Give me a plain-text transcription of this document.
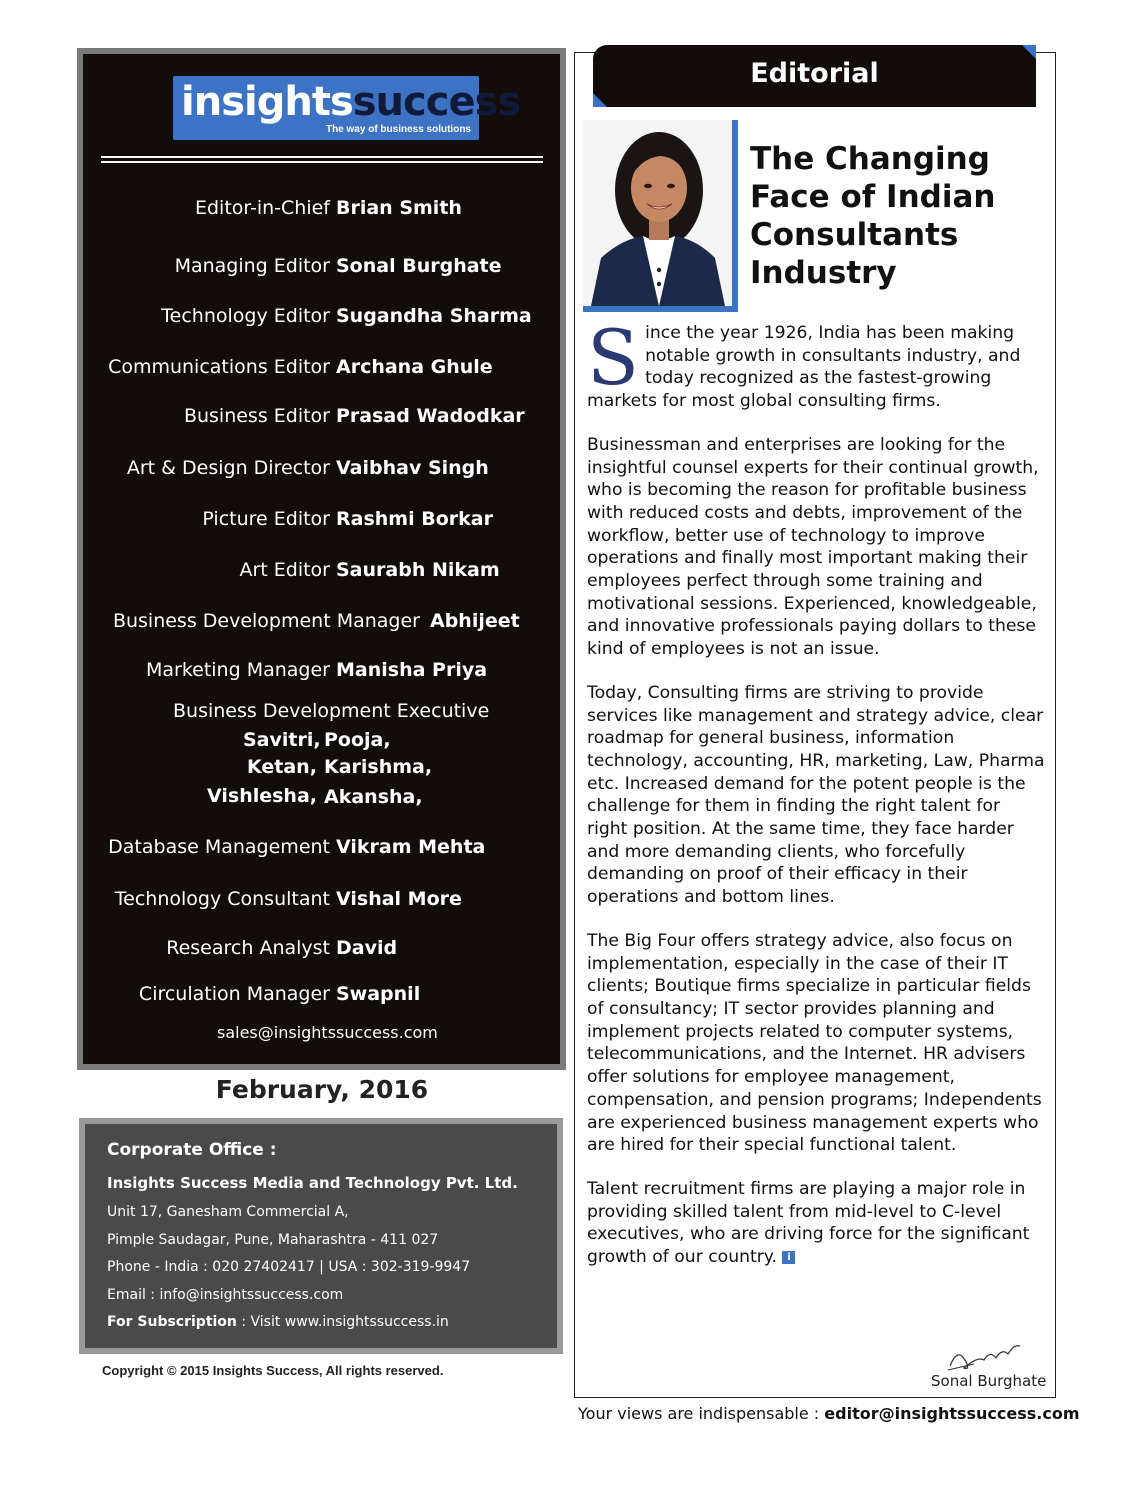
insightssuccess
The way of business solutions
Editor-in-Chief Brian Smith
Managing Editor Sonal Burghate
Technology Editor Sugandha Sharma
Communications Editor Archana Ghule
Business Editor Prasad Wadodkar
Art & Design Director Vaibhav Singh
Picture Editor Rashmi Borkar
Art Editor Saurabh Nikam
Business Development Manager Abhijeet
Marketing Manager Manisha Priya
Business Development Executive
Savitri, Pooja,
Ketan, Karishma,
Vishlesha, Akansha,
Database Management Vikram Mehta
Technology Consultant Vishal More
Research Analyst David
Circulation Manager Swapnil
sales@insightssuccess.com
February, 2016
Corporate Office :
Insights Success Media and Technology Pvt. Ltd.
Unit 17, Ganesham Commercial A,
Pimple Saudagar, Pune, Maharashtra - 411 027
Phone - India : 020 27402417 | USA : 302-319-9947
Email : info@insightssuccess.com
For Subscription : Visit www.insightssuccess.in
Copyright © 2015 Insights Success, All rights reserved.
Editorial
The Changing Face of Indian Consultants Industry

Since the year 1926, India has been making notable growth in consultants industry, and today recognized as the fastest-growing markets for most global consulting firms.

Businessman and enterprises are looking for the insightful counsel experts for their continual growth, who is becoming the reason for profitable business with reduced costs and debts, improvement of the workflow, better use of technology to improve operations and finally most important making their employees perfect through some training and motivational sessions. Experienced, knowledgeable, and innovative professionals paying dollars to these kind of employees is not an issue.

Today, Consulting firms are striving to provide services like management and strategy advice, clear roadmap for general business, information technology, accounting, HR, marketing, Law, Pharma etc. Increased demand for the potent people is the challenge for them in finding the right talent for right position. At the same time, they face harder and more demanding clients, who forcefully demanding on proof of their efficacy in their operations and bottom lines.

The Big Four offers strategy advice, also focus on implementation, especially in the case of their IT clients; Boutique firms specialize in particular fields of consultancy; IT sector provides planning and implement projects related to computer systems, telecommunications, and the Internet. HR advisers offer solutions for employee management, compensation, and pension programs; Independents are experienced business management experts who are hired for their special functional talent.

Talent recruitment firms are playing a major role in providing skilled talent from mid-level to C-level executives, who are driving force for the significant growth of our country. i

Sonal Burghate
Your views are indispensable : editor@insightssuccess.com
